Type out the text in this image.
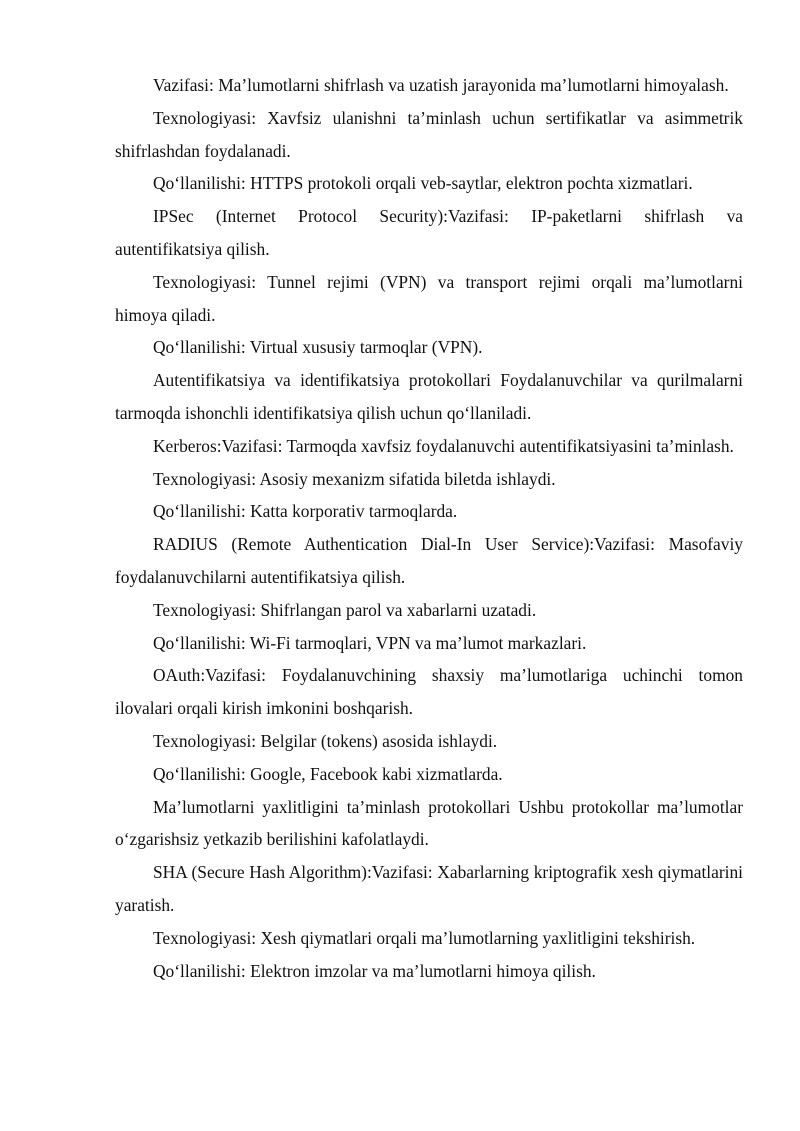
Vazifasi: Ma’lumotlarni shifrlash va uzatish jarayonida ma’lumotlarni himoyalash.

Texnologiyasi: Xavfsiz ulanishni ta’minlash uchun sertifikatlar va asimmetrik shifrlashdan foydalanadi.

Qo‘llanilishi: HTTPS protokoli orqali veb-saytlar, elektron pochta xizmatlari.

IPSec (Internet Protocol Security):Vazifasi: IP-paketlarni shifrlash va autentifikatsiya qilish.

Texnologiyasi: Tunnel rejimi (VPN) va transport rejimi orqali ma’lumotlarni himoya qiladi.

Qo‘llanilishi: Virtual xususiy tarmoqlar (VPN).

Autentifikatsiya va identifikatsiya protokollari Foydalanuvchilar va qurilmalarni tarmoqda ishonchli identifikatsiya qilish uchun qo‘llaniladi.

Kerberos:Vazifasi: Tarmoqda xavfsiz foydalanuvchi autentifikatsiyasini ta’minlash.

Texnologiyasi: Asosiy mexanizm sifatida biletda ishlaydi.

Qo‘llanilishi: Katta korporativ tarmoqlarda.

RADIUS (Remote Authentication Dial-In User Service):Vazifasi: Masofaviy foydalanuvchilarni autentifikatsiya qilish.

Texnologiyasi: Shifrlangan parol va xabarlarni uzatadi.

Qo‘llanilishi: Wi-Fi tarmoqlari, VPN va ma’lumot markazlari.

OAuth:Vazifasi: Foydalanuvchining shaxsiy ma’lumotlariga uchinchi tomon ilovalari orqali kirish imkonini boshqarish.

Texnologiyasi: Belgilar (tokens) asosida ishlaydi.

Qo‘llanilishi: Google, Facebook kabi xizmatlarda.

Ma’lumotlarni yaxlitligini ta’minlash protokollari Ushbu protokollar ma’lumotlar o‘zgarishsiz yetkazib berilishini kafolatlaydi.

SHA (Secure Hash Algorithm):Vazifasi: Xabarlarning kriptografik xesh qiymatlarini yaratish.

Texnologiyasi: Xesh qiymatlari orqali ma’lumotlarning yaxlitligini tekshirish.

Qo‘llanilishi: Elektron imzolar va ma’lumotlarni himoya qilish.
